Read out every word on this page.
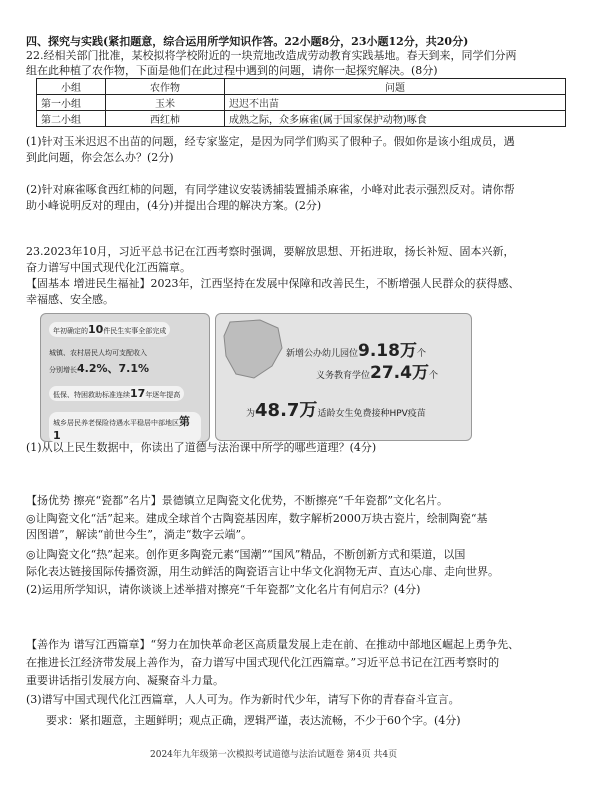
四、探究与实践(紧扣题意，综合运用所学知识作答。22小题8分，23小题12分，共20分)
22.经相关部门批准，某校拟将学校附近的一块荒地改造成劳动教育实践基地。春天到来，同学们分两
组在此种植了农作物，下面是他们在此过程中遇到的问题，请你一起探究解决。(8分)
小组	农作物	问题
第一小组	玉米	迟迟不出苗
第二小组	西红柿	成熟之际，众多麻雀(属于国家保护动物)啄食
(1)针对玉米迟迟不出苗的问题，经专家鉴定，是因为同学们购买了假种子。假如你是该小组成员，遇
到此问题，你会怎么办？(2分)
(2)针对麻雀啄食西红柿的问题，有同学建议安装诱捕装置捕杀麻雀，小峰对此表示强烈反对。请你帮
助小峰说明反对的理由，(4分)并提出合理的解决方案。(2分)
23.2023年10月，习近平总书记在江西考察时强调，要解放思想、开拓进取，扬长补短、固本兴新，
奋力谱写中国式现代化江西篇章。
【固基本 增进民生福祉】2023年，江西坚持在发展中保障和改善民生，不断增强人民群众的获得感、
幸福感、安全感。
年初确定的10件民生实事全部完成
城镇、农村居民人均可支配收入
分别增长4.2%、7.1%
低保、特困救助标准连续17年逐年提高
城乡居民养老保险待遇水平稳居中部地区第1
新增公办幼儿园位9.18万个
义务教育学位27.4万个
为48.7万适龄女生免费接种HPV疫苗
(1)从以上民生数据中，你读出了道德与法治课中所学的哪些道理？(4分)
【扬优势 擦亮“瓷都”名片】景德镇立足陶瓷文化优势，不断擦亮“千年瓷都”文化名片。
◎让陶瓷文化“活”起来。建成全球首个古陶瓷基因库，数字解析2000万块古瓷片，绘制陶瓷“基
因图谱”，解读“前世今生”，淌走“数字云端”。
◎让陶瓷文化“热”起来。创作更多陶瓷元素“国潮”“国风”精品，不断创新方式和渠道，以国
际化表达链接国际传播资源，用生动鲜活的陶瓷语言让中华文化润物无声、直达心扉、走向世界。
(2)运用所学知识，请你谈谈上述举措对擦亮“千年瓷都”文化名片有何启示？(4分)
【善作为 谱写江西篇章】“努力在加快革命老区高质量发展上走在前、在推动中部地区崛起上勇争先、
在推进长江经济带发展上善作为，奋力谱写中国式现代化江西篇章。”习近平总书记在江西考察时的
重要讲话指引发展方向、凝聚奋斗力量。
(3)谱写中国式现代化江西篇章，人人可为。作为新时代少年，请写下你的青春奋斗宣言。
要求：紧扣题意，主题鲜明；观点正确，逻辑严谨，表达流畅，不少于60个字。(4分)
2024年九年级第一次模拟考试道德与法治试题卷 第4页 共4页
